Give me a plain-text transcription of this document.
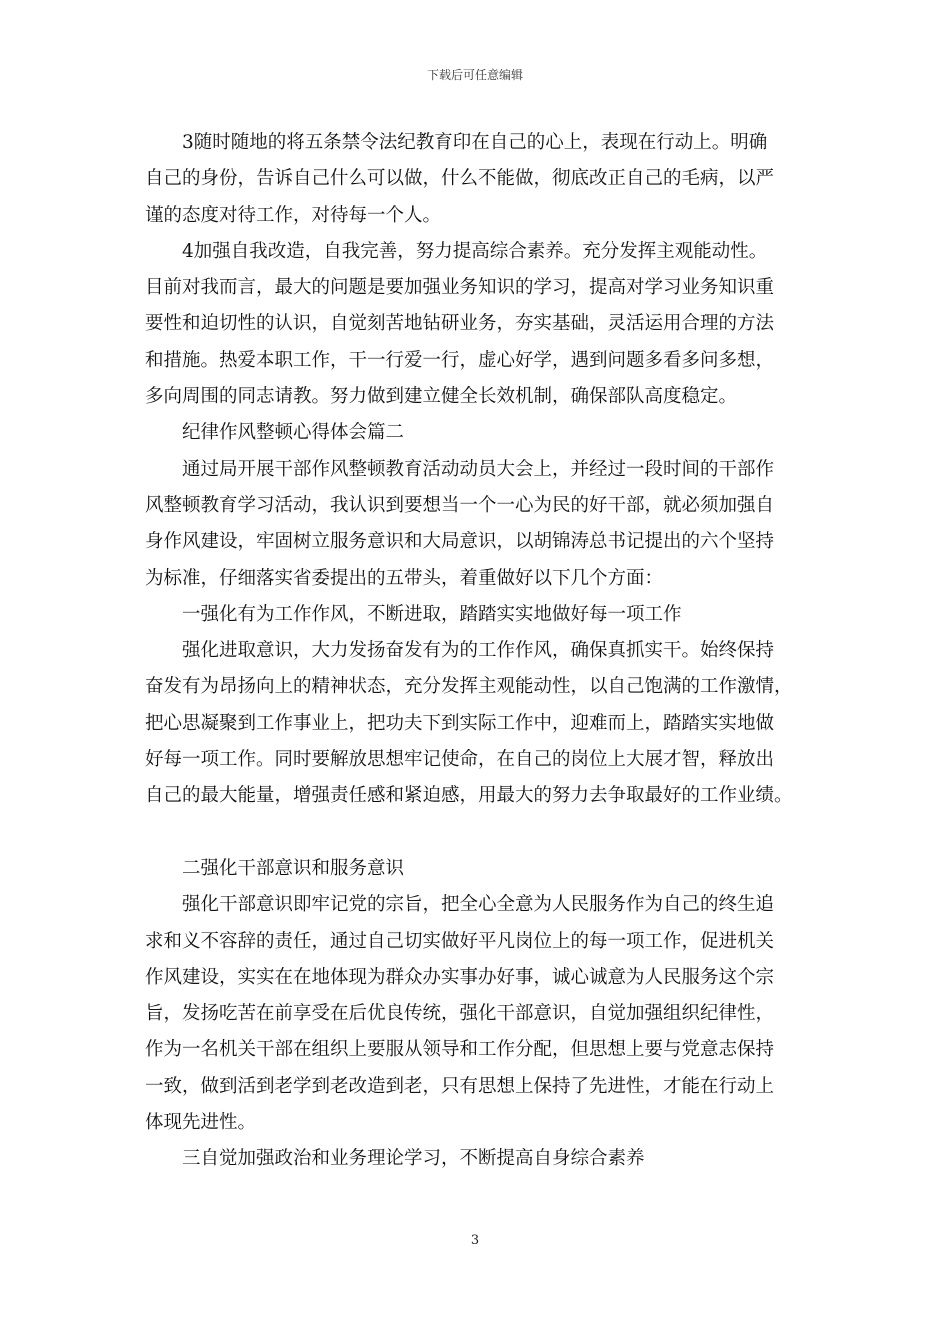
下载后可任意编辑
3随时随地的将五条禁令法纪教育印在自己的心上，表现在行动上。明确
自己的身份，告诉自己什么可以做，什么不能做，彻底改正自己的毛病，以严
谨的态度对待工作，对待每一个人。
4加强自我改造，自我完善，努力提高综合素养。充分发挥主观能动性。
目前对我而言，最大的问题是要加强业务知识的学习，提高对学习业务知识重
要性和迫切性的认识，自觉刻苦地钻研业务，夯实基础，灵活运用合理的方法
和措施。热爱本职工作，干一行爱一行，虚心好学，遇到问题多看多问多想，
多向周围的同志请教。努力做到建立健全长效机制，确保部队高度稳定。
纪律作风整顿心得体会篇二
通过局开展干部作风整顿教育活动动员大会上，并经过一段时间的干部作
风整顿教育学习活动，我认识到要想当一个一心为民的好干部，就必须加强自
身作风建设，牢固树立服务意识和大局意识，以胡锦涛总书记提出的六个坚持
为标准，仔细落实省委提出的五带头，着重做好以下几个方面：
一强化有为工作作风，不断进取，踏踏实实地做好每一项工作
强化进取意识，大力发扬奋发有为的工作作风，确保真抓实干。始终保持
奋发有为昂扬向上的精神状态，充分发挥主观能动性，以自己饱满的工作激情，
把心思凝聚到工作事业上，把功夫下到实际工作中，迎难而上，踏踏实实地做
好每一项工作。同时要解放思想牢记使命，在自己的岗位上大展才智，释放出
自己的最大能量，增强责任感和紧迫感，用最大的努力去争取最好的工作业绩。
二强化干部意识和服务意识
强化干部意识即牢记党的宗旨，把全心全意为人民服务作为自己的终生追
求和义不容辞的责任，通过自己切实做好平凡岗位上的每一项工作，促进机关
作风建设，实实在在地体现为群众办实事办好事，诚心诚意为人民服务这个宗
旨，发扬吃苦在前享受在后优良传统，强化干部意识，自觉加强组织纪律性，
作为一名机关干部在组织上要服从领导和工作分配，但思想上要与党意志保持
一致，做到活到老学到老改造到老，只有思想上保持了先进性，才能在行动上
体现先进性。
三自觉加强政治和业务理论学习，不断提高自身综合素养
3
